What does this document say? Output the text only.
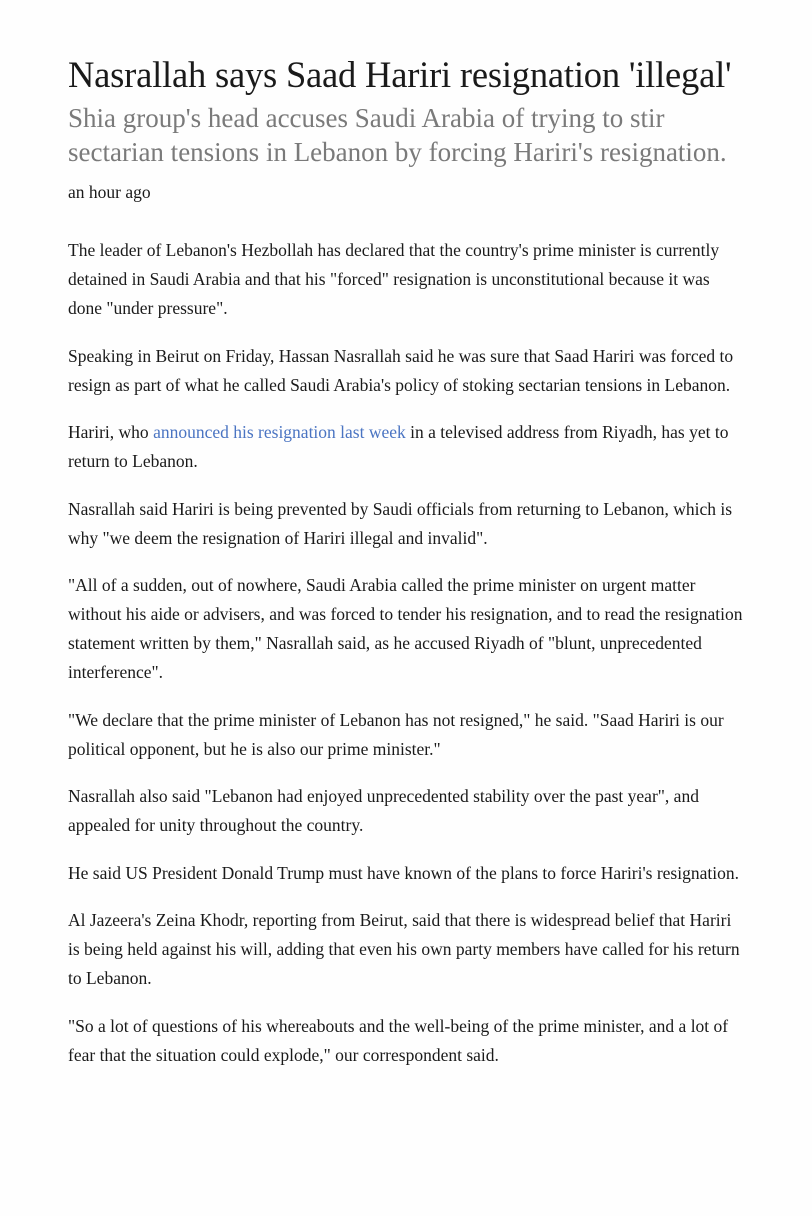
Nasrallah says Saad Hariri resignation 'illegal'
Shia group's head accuses Saudi Arabia of trying to stir sectarian tensions in Lebanon by forcing Hariri's resignation.
an hour ago

The leader of Lebanon's Hezbollah has declared that the country's prime minister is currently detained in Saudi Arabia and that his "forced" resignation is unconstitutional because it was done "under pressure".

Speaking in Beirut on Friday, Hassan Nasrallah said he was sure that Saad Hariri was forced to resign as part of what he called Saudi Arabia's policy of stoking sectarian tensions in Lebanon.

Hariri, who announced his resignation last week in a televised address from Riyadh, has yet to return to Lebanon.

Nasrallah said Hariri is being prevented by Saudi officials from returning to Lebanon, which is why "we deem the resignation of Hariri illegal and invalid".

"All of a sudden, out of nowhere, Saudi Arabia called the prime minister on urgent matter without his aide or advisers, and was forced to tender his resignation, and to read the resignation statement written by them," Nasrallah said, as he accused Riyadh of "blunt, unprecedented interference".

"We declare that the prime minister of Lebanon has not resigned," he said. "Saad Hariri is our political opponent, but he is also our prime minister."

Nasrallah also said "Lebanon had enjoyed unprecedented stability over the past year", and appealed for unity throughout the country.

He said US President Donald Trump must have known of the plans to force Hariri's resignation.

Al Jazeera's Zeina Khodr, reporting from Beirut, said that there is widespread belief that Hariri is being held against his will, adding that even his own party members have called for his return to Lebanon.

"So a lot of questions of his whereabouts and the well-being of the prime minister, and a lot of fear that the situation could explode," our correspondent said.
